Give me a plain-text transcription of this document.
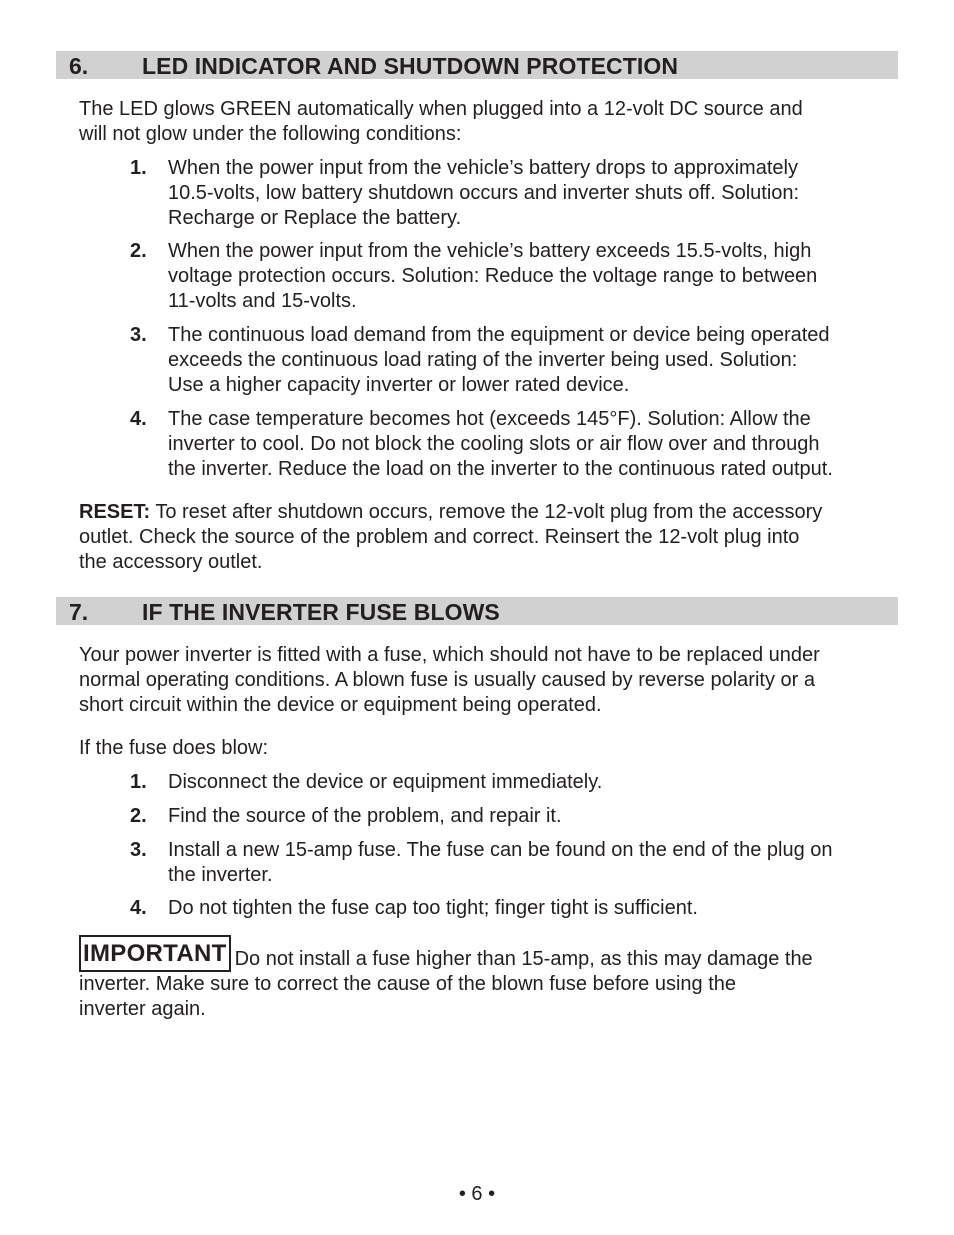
6. LED INDICATOR AND SHUTDOWN PROTECTION
The LED glows GREEN automatically when plugged into a 12-volt DC source and
will not glow under the following conditions:
1. When the power input from the vehicle’s battery drops to approximately
10.5-volts, low battery shutdown occurs and inverter shuts off. Solution:
Recharge or Replace the battery.
2. When the power input from the vehicle’s battery exceeds 15.5-volts, high
voltage protection occurs. Solution: Reduce the voltage range to between
11-volts and 15-volts.
3. The continuous load demand from the equipment or device being operated
exceeds the continuous load rating of the inverter being used. Solution:
Use a higher capacity inverter or lower rated device.
4. The case temperature becomes hot (exceeds 145°F). Solution: Allow the
inverter to cool. Do not block the cooling slots or air flow over and through
the inverter. Reduce the load on the inverter to the continuous rated output.
RESET: To reset after shutdown occurs, remove the 12-volt plug from the accessory
outlet. Check the source of the problem and correct. Reinsert the 12-volt plug into
the accessory outlet.
7. IF THE INVERTER FUSE BLOWS
Your power inverter is fitted with a fuse, which should not have to be replaced under
normal operating conditions. A blown fuse is usually caused by reverse polarity or a
short circuit within the device or equipment being operated.
If the fuse does blow:
1. Disconnect the device or equipment immediately.
2. Find the source of the problem, and repair it.
3. Install a new 15-amp fuse. The fuse can be found on the end of the plug on
the inverter.
4. Do not tighten the fuse cap too tight; finger tight is sufficient.
IMPORTANT Do not install a fuse higher than 15-amp, as this may damage the
inverter. Make sure to correct the cause of the blown fuse before using the
inverter again.
• 6 •
